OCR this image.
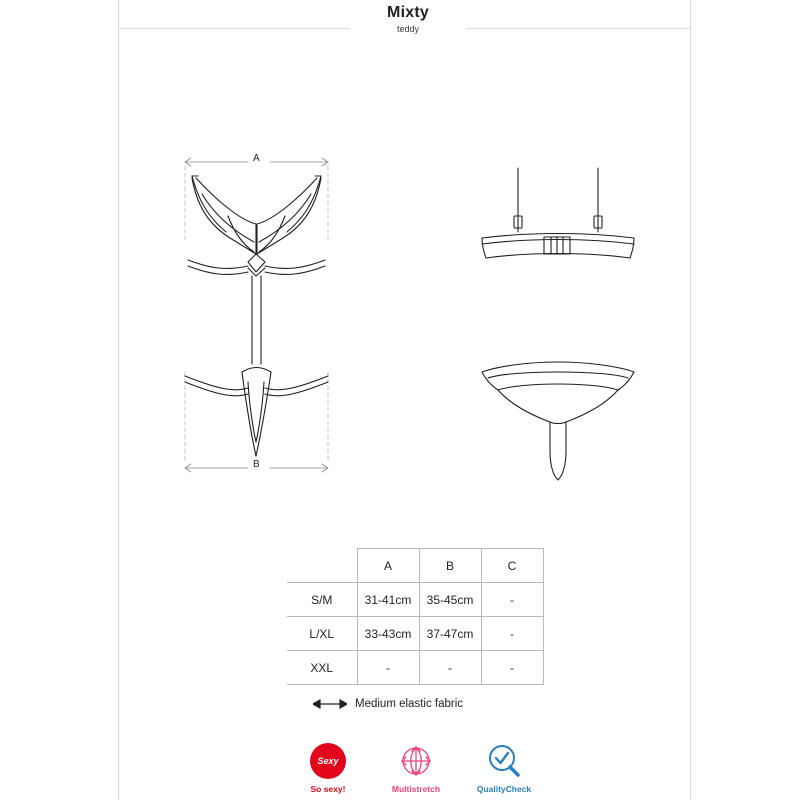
Mixty
teddy
A
B
	A	B	C
S/M	31-41cm	35-45cm	-
L/XL	33-43cm	37-47cm	-
XXL	-	-	-
Medium elastic fabric
Sexy
So sexy!	Multistretch	QualityCheck
